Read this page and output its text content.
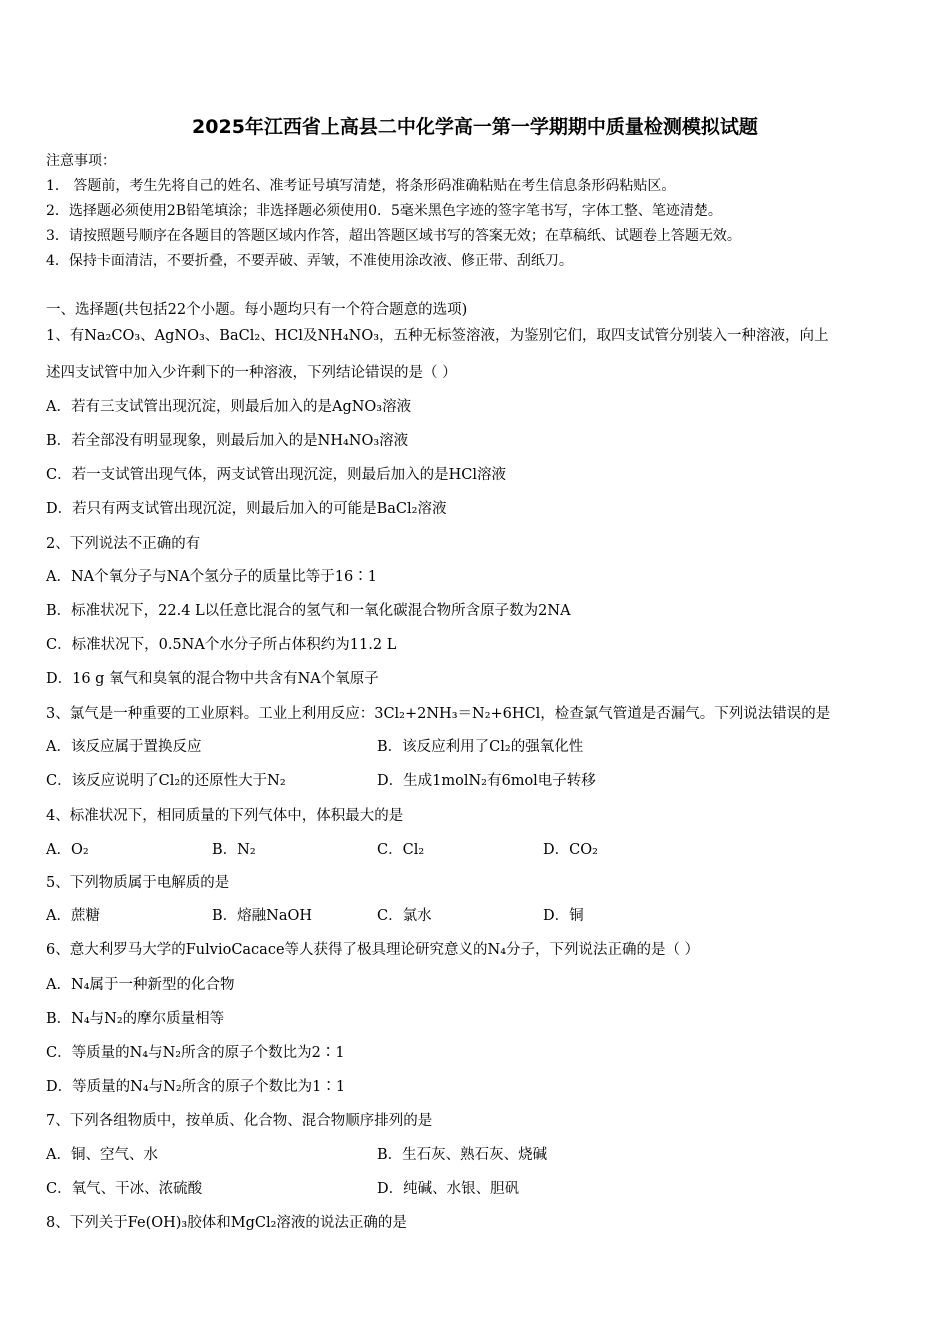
2025年江西省上高县二中化学高一第一学期期中质量检测模拟试题
注意事项：
1． 答题前，考生先将自己的姓名、准考证号填写清楚，将条形码准确粘贴在考生信息条形码粘贴区。
2．选择题必须使用2B铅笔填涂；非选择题必须使用0．5毫米黑色字迹的签字笔书写，字体工整、笔迹清楚。
3．请按照题号顺序在各题目的答题区域内作答，超出答题区域书写的答案无效；在草稿纸、试题卷上答题无效。
4．保持卡面清洁，不要折叠，不要弄破、弄皱，不准使用涂改液、修正带、刮纸刀。
一、选择题(共包括22个小题。每小题均只有一个符合题意的选项)
1、有Na₂CO₃、AgNO₃、BaCl₂、HCl及NH₄NO₃，五种无标签溶液，为鉴别它们，取四支试管分别装入一种溶液，向上
述四支试管中加入少许剩下的一种溶液，下列结论错误的是（ ）
A．若有三支试管出现沉淀，则最后加入的是AgNO₃溶液
B．若全部没有明显现象，则最后加入的是NH₄NO₃溶液
C．若一支试管出现气体，两支试管出现沉淀，则最后加入的是HCl溶液
D．若只有两支试管出现沉淀，则最后加入的可能是BaCl₂溶液
2、下列说法不正确的有
A．NA个氧分子与NA个氢分子的质量比等于16∶1
B．标准状况下，22.4 L以任意比混合的氢气和一氧化碳混合物所含原子数为2NA
C．标准状况下，0.5NA个水分子所占体积约为11.2 L
D．16 g 氧气和臭氧的混合物中共含有NA个氧原子
3、氯气是一种重要的工业原料。工业上利用反应：3Cl₂+2NH₃＝N₂+6HCl，检查氯气管道是否漏气。下列说法错误的是
A．该反应属于置换反应	B．该反应利用了Cl₂的强氧化性
C．该反应说明了Cl₂的还原性大于N₂	D．生成1molN₂有6mol电子转移
4、标准状况下，相同质量的下列气体中，体积最大的是
A．O₂	B．N₂	C．Cl₂	D．CO₂
5、下列物质属于电解质的是
A．蔗糖	B．熔融NaOH	C．氯水	D．铜
6、意大利罗马大学的FulvioCacace等人获得了极具理论研究意义的N₄分子，下列说法正确的是（ ）
A．N₄属于一种新型的化合物
B．N₄与N₂的摩尔质量相等
C．等质量的N₄与N₂所含的原子个数比为2∶1
D．等质量的N₄与N₂所含的原子个数比为1∶1
7、下列各组物质中，按单质、化合物、混合物顺序排列的是
A．铜、空气、水	B．生石灰、熟石灰、烧碱
C．氧气、干冰、浓硫酸	D．纯碱、水银、胆矾
8、下列关于Fe(OH)₃胶体和MgCl₂溶液的说法正确的是
